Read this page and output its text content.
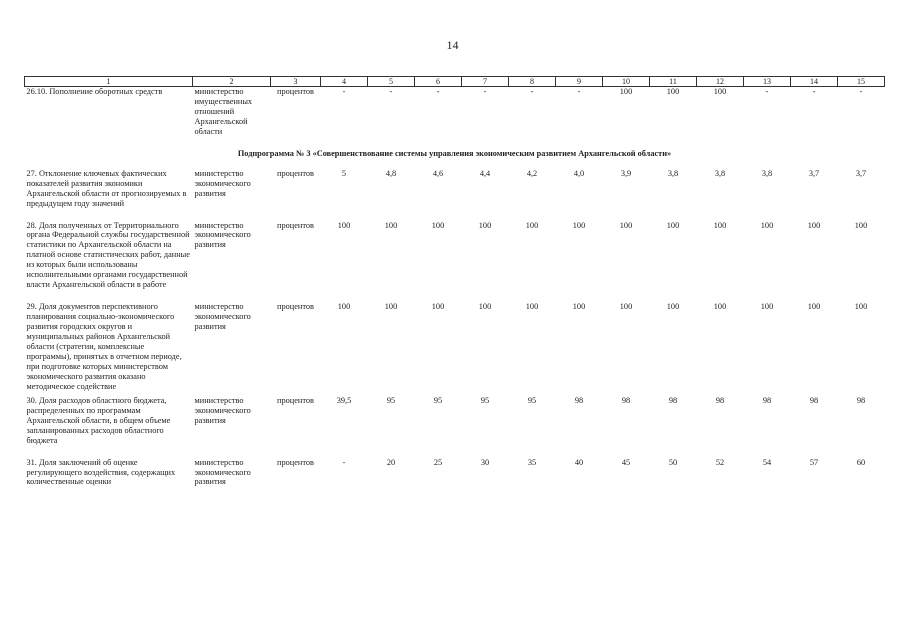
14
1	2	3	4	5	6	7	8	9	10	11	12	13	14	15
26.10. Пополнение оборотных средств	министерство имущественных отношений Архангельской области	процентов	-	-	-	-	-	-	100	100	100	-	-	-
Подпрограмма № 3 «Совершенствование системы управления экономическим развитием Архангельской области»														
27. Отклонение ключевых фактических показателей развития экономики Архангельской области от прогнозируемых в предыдущем году значений	министерство экономического развития	процентов	5	4,8	4,6	4,4	4,2	4,0	3,9	3,8	3,8	3,8	3,7	3,7
28. Доля полученных от Территориального органа Федеральной службы государственной статистики по Архангельской области на платной основе статистических работ, данные из которых были использованы исполнительными органами государственной власти Архангельской области в работе	министерство экономического развития	процентов	100	100	100	100	100	100	100	100	100	100	100	100
29. Доля документов перспективного планирования социально-экономического развития городских округов и муниципальных районов Архангельской области (стратегии, комплексные программы), принятых в отчетном периоде, при подготовке которых министерством экономического развития оказано методическое содействие	министерство экономического развития	процентов	100	100	100	100	100	100	100	100	100	100	100	100
30. Доля расходов областного бюджета, распределенных по программам Архангельской области, в общем объеме запланированных расходов областного бюджета	министерство экономического развития	процентов	39,5	95	95	95	95	98	98	98	98	98	98	98
31. Доля заключений об оценке регулирующего воздействия, содержащих количественные оценки	министерство экономического развития	процентов	-	20	25	30	35	40	45	50	52	54	57	60
